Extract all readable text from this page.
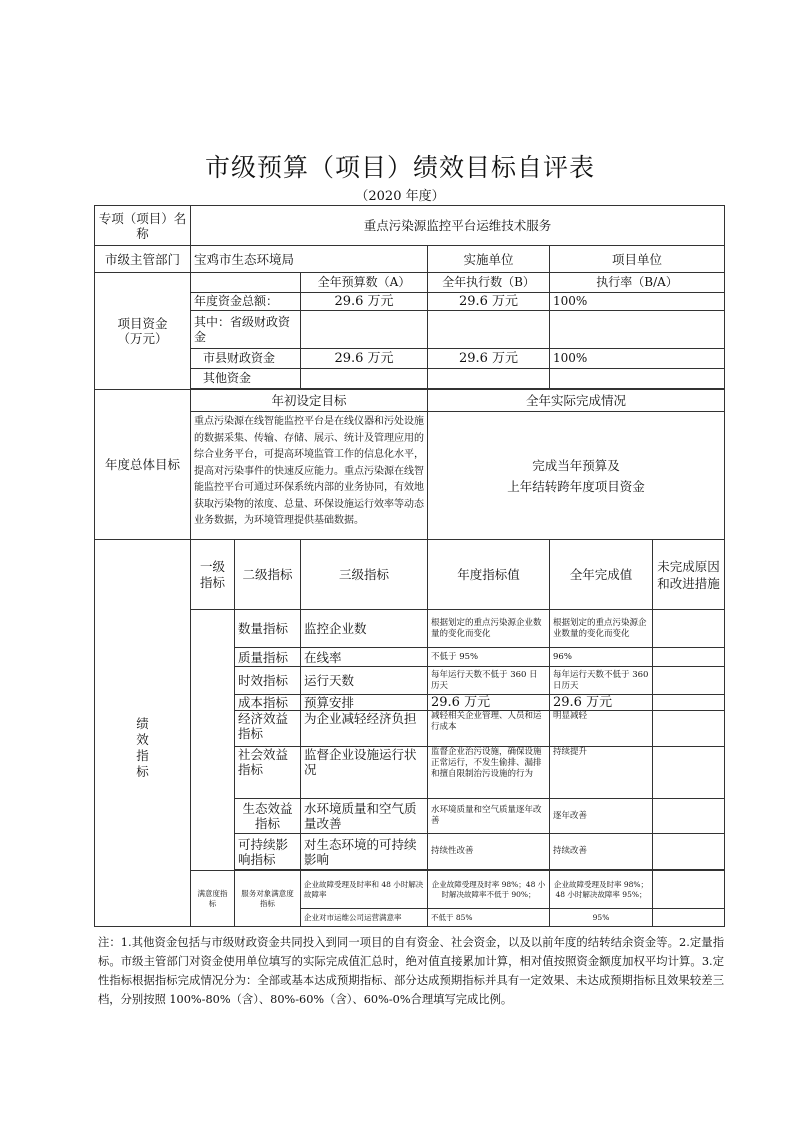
市级预算（项目）绩效目标自评表
（2020 年度）
专项（项目）名称	重点污染源监控平台运维技术服务					
市级主管部门	宝鸡市生态环境局			实施单位	项目单位	
项目资金
（万元）			全年预算数（A）	全年执行数（B）	执行率（B/A）	
	年度资金总额：		29.6 万元	29.6 万元	100%	
	其中：省级财政资金					
	市县财政资金		29.6 万元	29.6 万元	100%	
	其他资金					

年度总体目标	年初设定目标			全年实际完成情况		
	重点污染源在线智能监控平台是在线仪器和污处设施的数据采集、传输、存储、展示、统计及管理应用的综合业务平台，可提高环境监管工作的信息化水平，提高对污染事件的快速反应能力。重点污染源在线智能监控平台可通过环保系统内部的业务协同，有效地获取污染物的浓度、总量、环保设施运行效率等动态业务数据，为环境管理提供基础数据。			完成当年预算及
上年结转跨年度项目资金		
绩
效
指
标	一级指标	二级指标	三级指标	年度指标值	全年完成值	未完成原因和改进措施
		数量指标	监控企业数	根据划定的重点污染源企业数量的变化而变化	根据划定的重点污染源企业数量的变化而变化	
		质量指标	在线率	不低于 95%	96%	
		时效指标	运行天数	每年运行天数不低于 360 日历天	每年运行天数不低于 360 日历天	
		成本指标	预算安排	29.6 万元	29.6 万元	
		经济效益指标	为企业减轻经济负担	减轻相关企业管理、人员和运行成本	明显减轻	
		社会效益指标	监督企业设施运行状况	监督企业治污设施，确保设施正常运行，不发生偷排、漏排和擅自限制治污设施的行为	持续提升	
		生态效益指标	水环境质量和空气质量改善	水环境质量和空气质量逐年改善	逐年改善	
		可持续影响指标	对生态环境的可持续影响	持续性改善	持续改善	

	满意度指标	服务对象满意度指标	企业故障受理及时率和 48 小时解决故障率	企业故障受理及时率 98%；48 小时解决故障率不低于 90%；	企业故障受理及时率 98%；48 小时解决故障率 95%；	
			企业对市运维公司运营满意率	不低于 85%	95%	
注：1.其他资金包括与市级财政资金共同投入到同一项目的自有资金、社会资金，以及以前年度的结转结余资金等。2.定量指标。市级主管部门对资金使用单位填写的实际完成值汇总时，绝对值直接累加计算，相对值按照资金额度加权平均计算。3.定性指标根据指标完成情况分为：全部或基本达成预期指标、部分达成预期指标并具有一定效果、未达成预期指标且效果较差三档，分别按照 100%-80%（含）、80%-60%（含）、60%-0%合理填写完成比例。
